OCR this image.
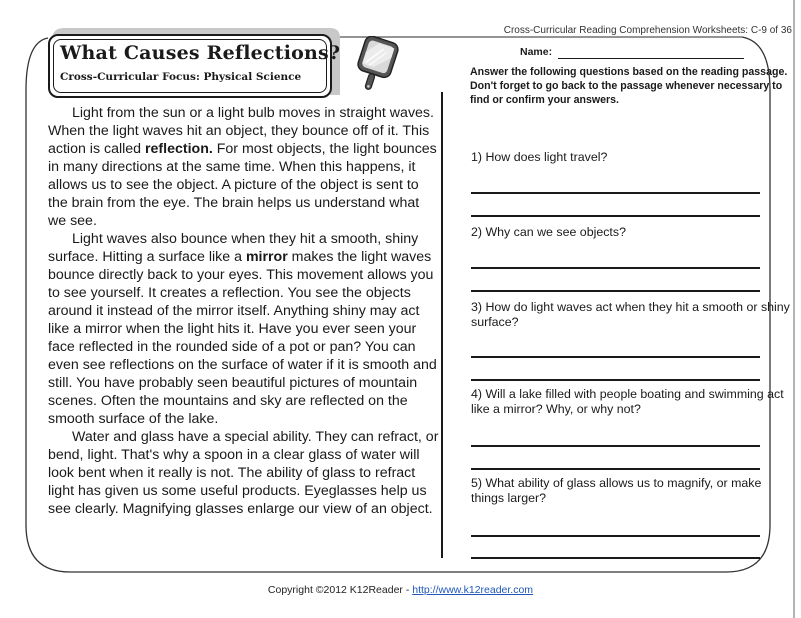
Cross-Curricular Reading Comprehension Worksheets: C-9 of 36
What Causes Reflections?
Cross-Curricular Focus: Physical Science

Light from the sun or a light bulb moves in straight waves. When the light waves hit an object, they bounce off of it. This action is called reflection. For most objects, the light bounces in many directions at the same time. When this happens, it allows us to see the object. A picture of the object is sent to the brain from the eye. The brain helps us understand what we see.

Light waves also bounce when they hit a smooth, shiny surface. Hitting a surface like a mirror makes the light waves bounce directly back to your eyes. This movement allows you to see yourself. It creates a reflection. You see the objects around it instead of the mirror itself. Anything shiny may act like a mirror when the light hits it. Have you ever seen your face reflected in the rounded side of a pot or pan? You can even see reflections on the surface of water if it is smooth and still. You have probably seen beautiful pictures of mountain scenes. Often the mountains and sky are reflected on the smooth surface of the lake.

Water and glass have a special ability. They can refract, or bend, light. That's why a spoon in a clear glass of water will look bent when it really is not. The ability of glass to refract light has given us some useful products. Eyeglasses help us see clearly. Magnifying glasses enlarge our view of an object.

Name:
Answer the following questions based on the reading passage. Don't forget to go back to the passage whenever necessary to find or confirm your answers.
1) How does light travel?
2) Why can we see objects?
3) How do light waves act when they hit a smooth or shiny surface?
4) Will a lake filled with people boating and swimming act like a mirror? Why, or why not?
5) What ability of glass allows us to magnify, or make things larger?
Copyright ©2012 K12Reader - http://www.k12reader.com
